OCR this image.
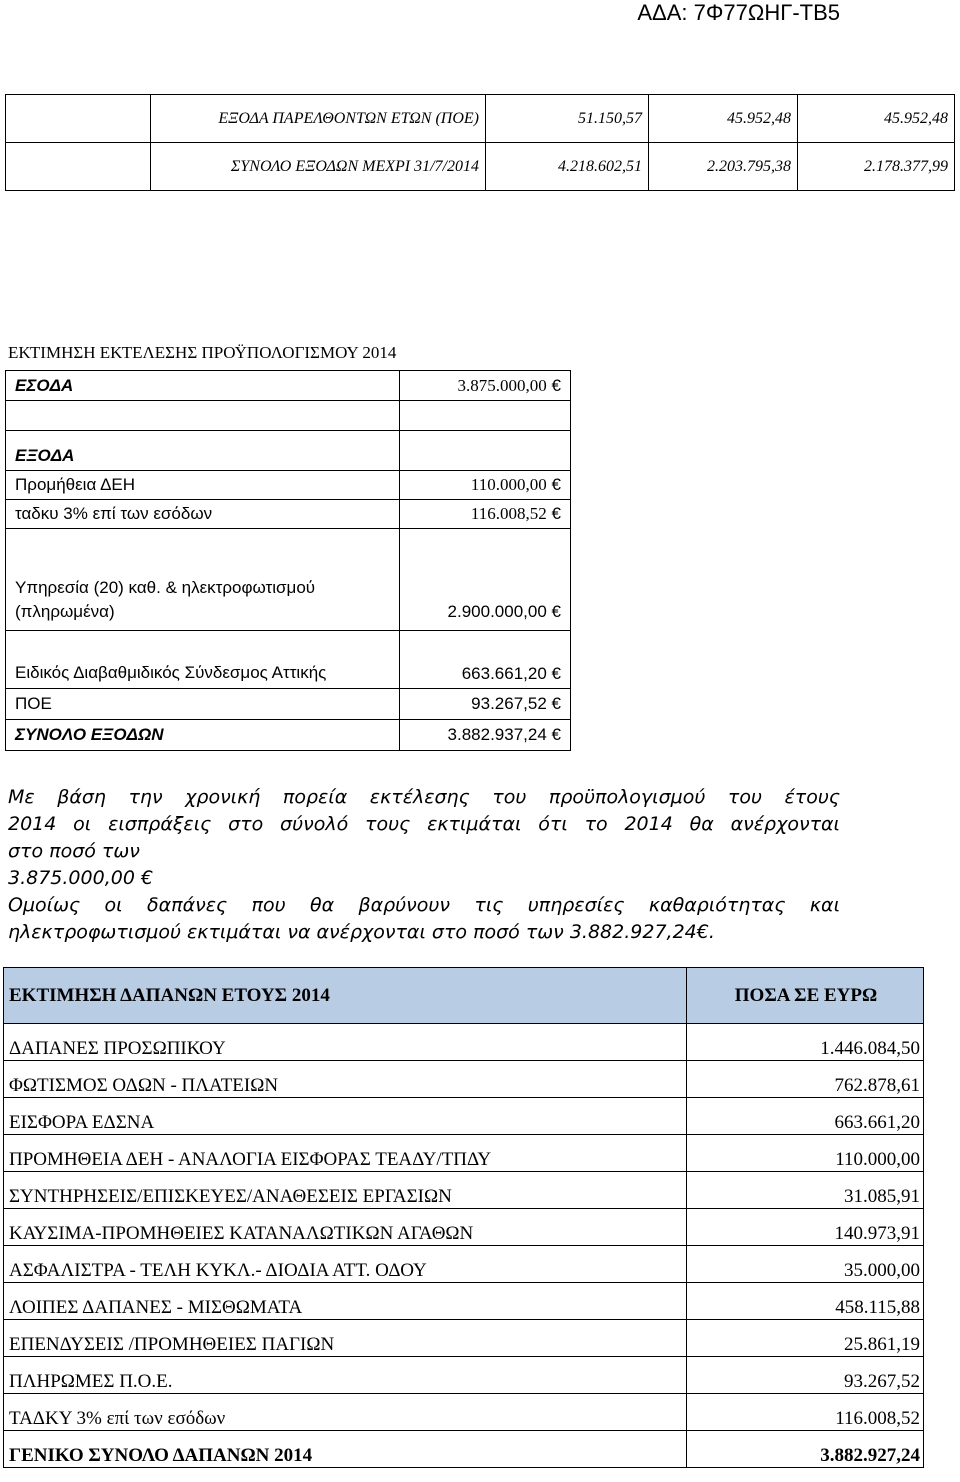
ΑΔΑ: 7Φ77ΩΗΓ-ΤΒ5
	ΕΞΟΔΑ ΠΑΡΕΛΘΟΝΤΩΝ ΕΤΩΝ (ΠΟΕ)	51.150,57	45.952,48	45.952,48
	ΣΥΝΟΛΟ ΕΞΟΔΩΝ ΜΕΧΡΙ 31/7/2014	4.218.602,51	2.203.795,38	2.178.377,99
ΕΚΤΙΜΗΣΗ ΕΚΤΕΛΕΣΗΣ ΠΡΟΫΠΟΛΟΓΙΣΜΟΥ 2014
ΕΣΟΔΑ	3.875.000,00 €

ΕΞΟΔΑ	
Προμήθεια ΔΕΗ	110.000,00 €
ταδκυ 3% επί των εσόδων	116.008,52 €
Υπηρεσία (20) καθ. & ηλεκτροφωτισμού (πληρωμένα)	2.900.000,00 €
Ειδικός Διαβαθμιδικός Σύνδεσμος Αττικής	663.661,20 €
ΠΟΕ	93.267,52 €
ΣΥΝΟΛΟ ΕΞΟΔΩΝ	3.882.937,24 €
Με βάση την χρονική πορεία εκτέλεσης του προϋπολογισμού του έτους
2014 οι εισπράξεις στο σύνολό τους εκτιμάται ότι το 2014 θα ανέρχονται
στο ποσό των
3.875.000,00 €
Ομοίως οι δαπάνες που θα βαρύνουν τις υπηρεσίες καθαριότητας και
ηλεκτροφωτισμού εκτιμάται να ανέρχονται στο ποσό των 3.882.927,24€.
ΕΚΤΙΜΗΣΗ ΔΑΠΑΝΩΝ ΕΤΟΥΣ 2014	ΠΟΣΑ ΣΕ ΕΥΡΩ
ΔΑΠΑΝΕΣ ΠΡΟΣΩΠΙΚΟΥ	1.446.084,50
ΦΩΤΙΣΜΟΣ ΟΔΩΝ - ΠΛΑΤΕΙΩΝ	762.878,61
ΕΙΣΦΟΡΑ ΕΔΣΝΑ	663.661,20
ΠΡΟΜΗΘΕΙΑ ΔΕΗ - ΑΝΑΛΟΓΙΑ ΕΙΣΦΟΡΑΣ ΤΕΑΔΥ/ΤΠΔΥ	110.000,00
ΣΥΝΤΗΡΗΣΕΙΣ/ΕΠΙΣΚΕΥΕΣ/ΑΝΑΘΕΣΕΙΣ ΕΡΓΑΣΙΩΝ	31.085,91
ΚΑΥΣΙΜΑ-ΠΡΟΜΗΘΕΙΕΣ ΚΑΤΑΝΑΛΩΤΙΚΩΝ ΑΓΑΘΩΝ	140.973,91
ΑΣΦΑΛΙΣΤΡΑ - ΤΕΛΗ ΚΥΚΛ.- ΔΙΟΔΙΑ ΑΤΤ. ΟΔΟΥ	35.000,00
ΛΟΙΠΕΣ ΔΑΠΑΝΕΣ - ΜΙΣΘΩΜΑΤΑ	458.115,88
ΕΠΕΝΔΥΣΕΙΣ /ΠΡΟΜΗΘΕΙΕΣ ΠΑΓΙΩΝ	25.861,19
ΠΛΗΡΩΜΕΣ Π.Ο.Ε.	93.267,52
ΤΑΔΚΥ 3% επί των εσόδων	116.008,52
ΓΕΝΙΚΟ ΣΥΝΟΛΟ ΔΑΠΑΝΩΝ 2014	3.882.927,24
